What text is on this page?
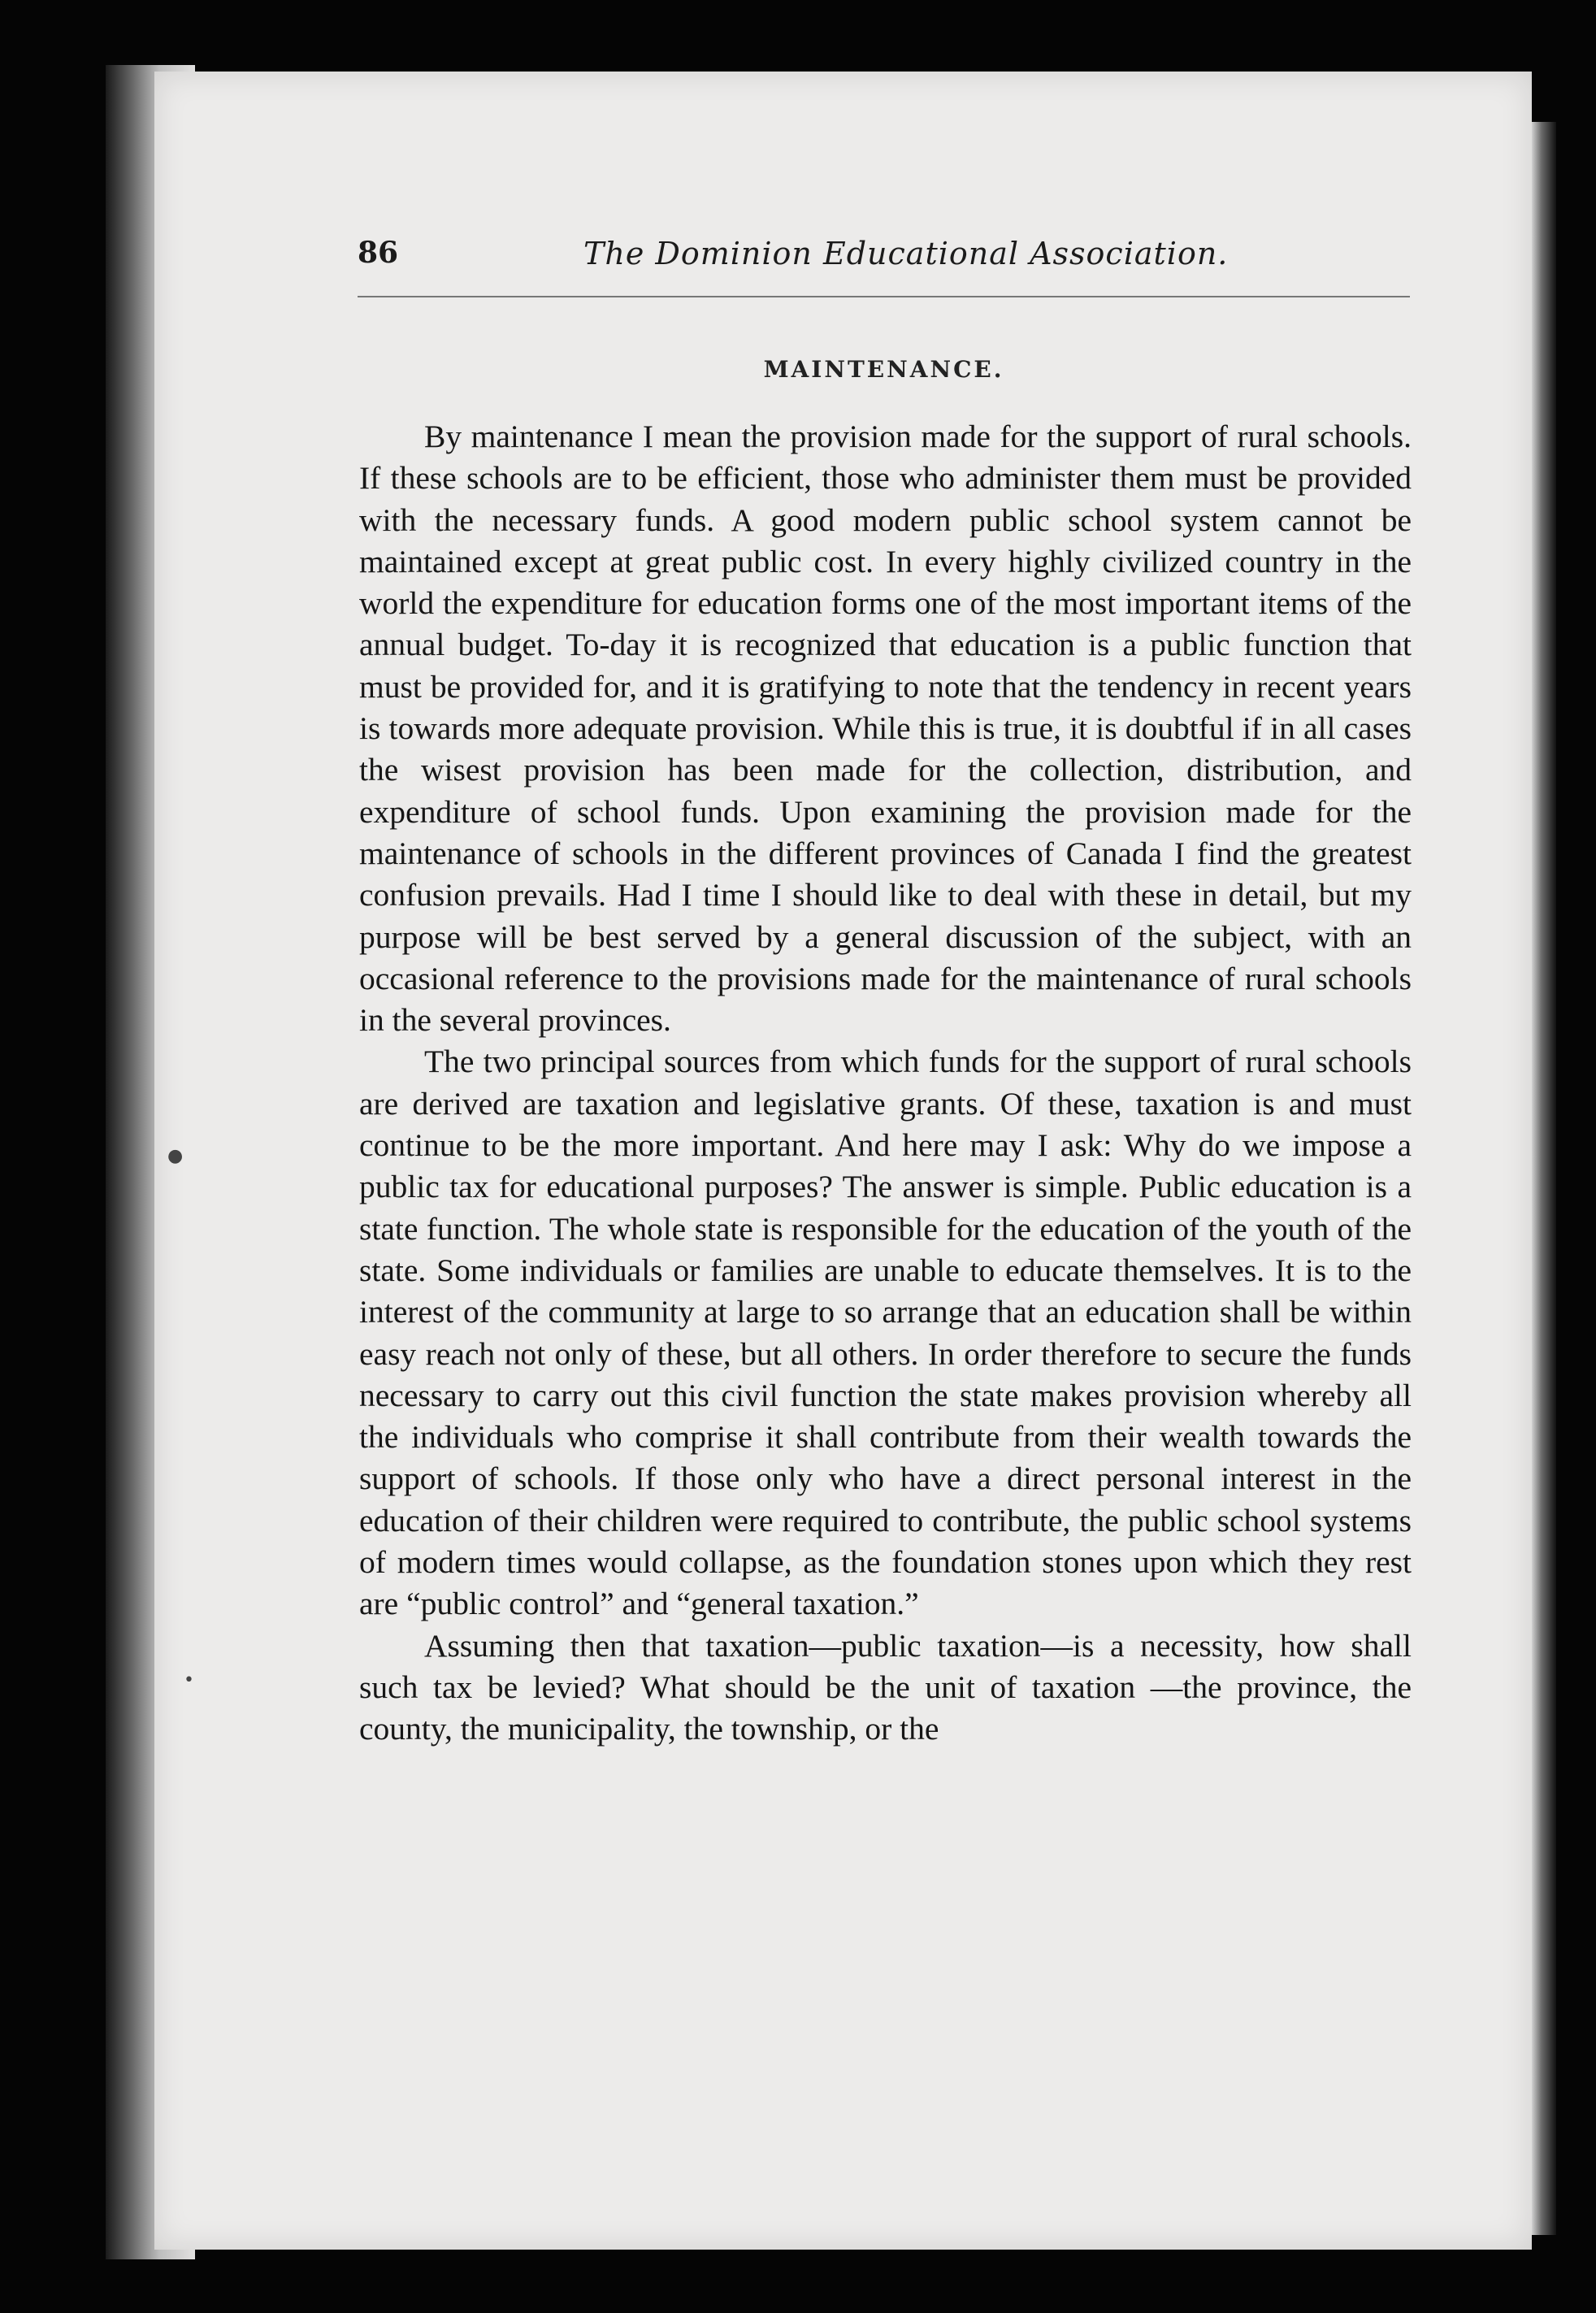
86	The Dominion Educational Association.
MAINTENANCE.

By maintenance I mean the provision made for the support of rural schools. If these schools are to be efficient, those who administer them must be provided with the necessary funds. A good modern public school system cannot be maintained except at great public cost. In every highly civilized country in the world the expenditure for education forms one of the most important items of the annual budget. To-day it is recognized that education is a public function that must be provided for, and it is gratifying to note that the tendency in recent years is towards more adequate provision. While this is true, it is doubtful if in all cases the wisest provision has been made for the collection, distribution, and expenditure of school funds. Upon examining the provision made for the maintenance of schools in the different provinces of Canada I find the greatest confusion prevails. Had I time I should like to deal with these in detail, but my purpose will be best served by a general discussion of the subject, with an occasional reference to the provisions made for the maintenance of rural schools in the several provinces.

The two principal sources from which funds for the support of rural schools are derived are taxation and legislative grants. Of these, taxation is and must continue to be the more important. And here may I ask: Why do we impose a public tax for educational purposes? The answer is simple. Public education is a state function. The whole state is responsible for the education of the youth of the state. Some individuals or families are unable to educate themselves. It is to the interest of the community at large to so arrange that an education shall be within easy reach not only of these, but all others. In order therefore to secure the funds necessary to carry out this civil function the state makes provision whereby all the individuals who comprise it shall contribute from their wealth towards the support of schools. If those only who have a direct personal interest in the education of their children were required to contribute, the public school systems of modern times would collapse, as the foundation stones upon which they rest are “public control” and “general taxation.”

Assuming then that taxation—public taxation—is a necessity, how shall such tax be levied? What should be the unit of taxation —the province, the county, the municipality, the township, or the

●
•
